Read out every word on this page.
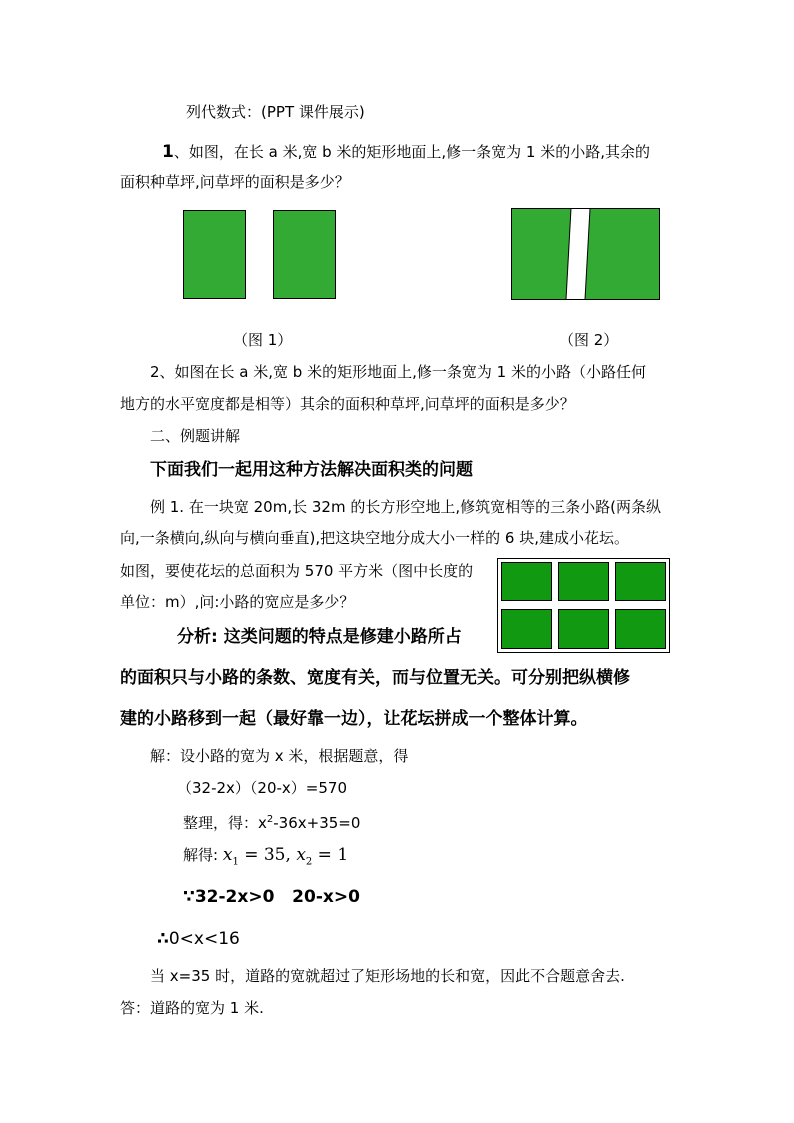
列代数式：(PPT 课件展示)
1、如图，在长 a 米,宽 b 米的矩形地面上,修一条宽为 1 米的小路,其余的
面积种草坪,问草坪的面积是多少？
（图 1）	（图 2）
2、如图在长 a 米,宽 b 米的矩形地面上,修一条宽为 1 米的小路（小路任何
地方的水平宽度都是相等）其余的面积种草坪,问草坪的面积是多少？
二、例题讲解
下面我们一起用这种方法解决面积类的问题
例 1. 在一块宽 20m,长 32m 的长方形空地上,修筑宽相等的三条小路(两条纵
向,一条横向,纵向与横向垂直),把这块空地分成大小一样的 6 块,建成小花坛。
如图，要使花坛的总面积为 570 平方米（图中长度的
单位：m）,问:小路的宽应是多少？
分析: 这类问题的特点是修建小路所占
的面积只与小路的条数、宽度有关，而与位置无关。可分别把纵横修
建的小路移到一起（最好靠一边），让花坛拼成一个整体计算。
解：设小路的宽为 x 米，根据题意，得
（32-2x）（20-x）=570
整理，得：$x^2-36x+35=0$
解得: $x_1 = 35$, $x_2 = 1$
∵32-2x>0   20-x>0
∴0<x<16
当 x=35 时，道路的宽就超过了矩形场地的长和宽，因此不合题意舍去.
答：道路的宽为 1 米.
